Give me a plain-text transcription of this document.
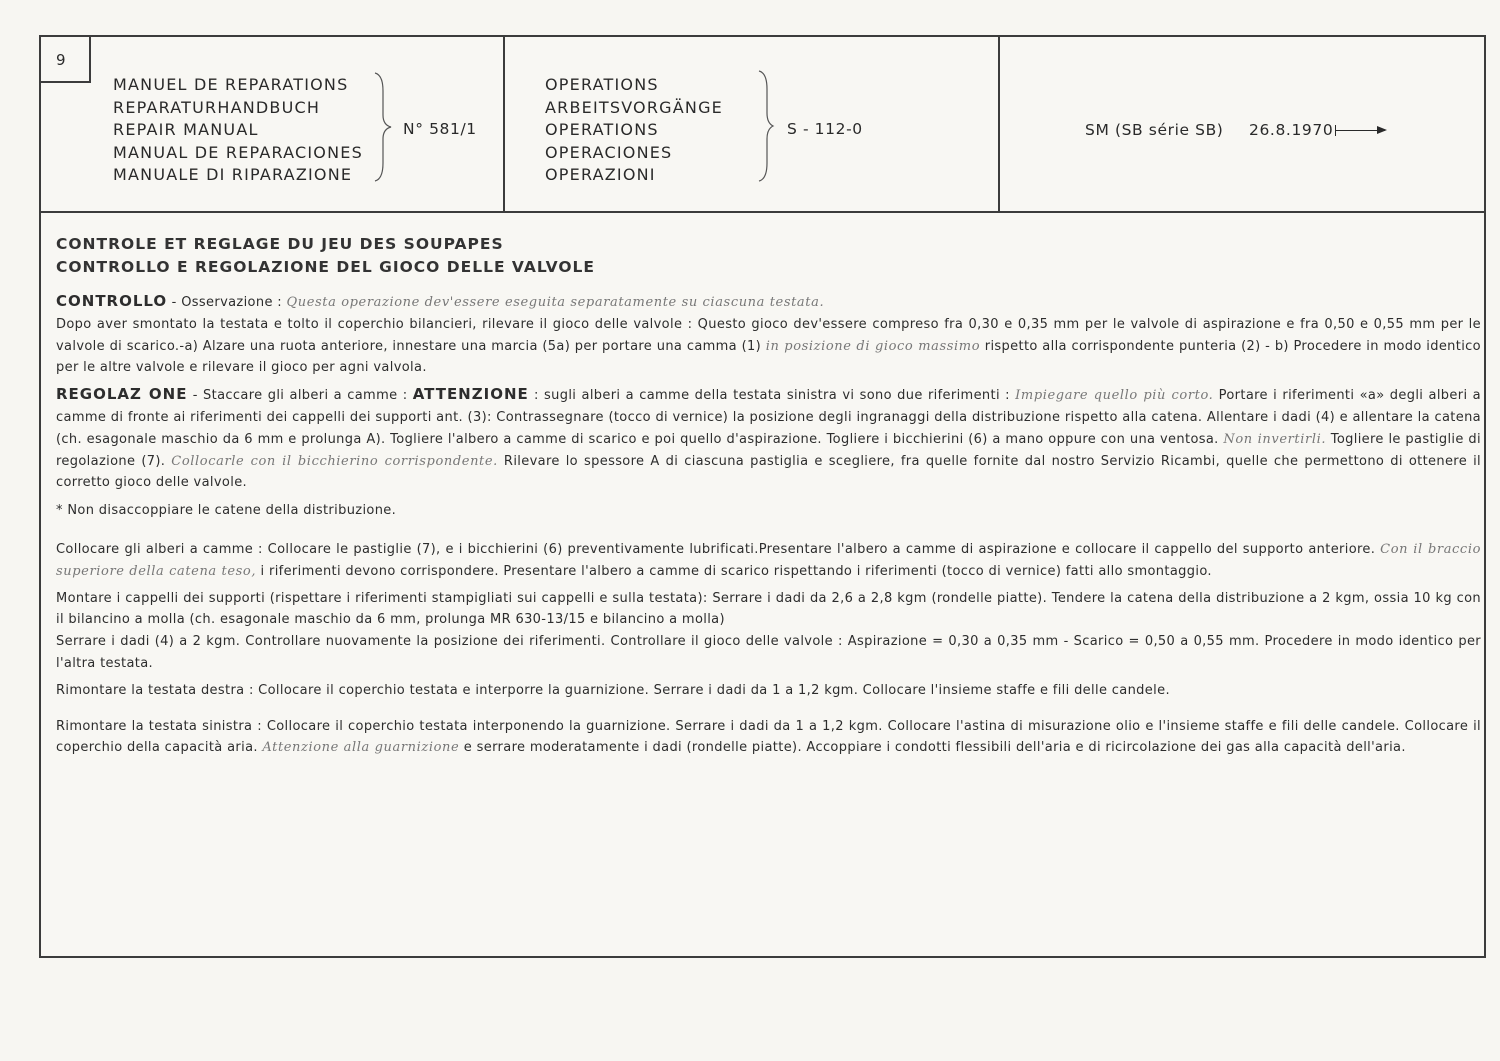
9
MANUEL DE REPARATIONS
REPARATURHANDBUCH
REPAIR MANUAL
MANUAL DE REPARACIONES
MANUALE DI RIPARAZIONE
N° 581/1
OPERATIONS
ARBEITSVORGÄNGE
OPERATIONS
OPERACIONES
OPERAZIONI
S - 112-0	SM (SB série SB) 26.8.1970
CONTROLE ET REGLAGE DU JEU DES SOUPAPES
CONTROLLO E REGOLAZIONE DEL GIOCO DELLE VALVOLE

CONTROLLO - Osservazione : Questa operazione dev'essere eseguita separatamente su ciascuna testata.
Dopo aver smontato la testata e tolto il coperchio bilancieri, rilevare il gioco delle valvole : Questo gioco dev'essere compreso fra 0,30 e 0,35 mm per le valvole di aspirazione e fra 0,50 e 0,55 mm per le valvole di scarico.-a) Alzare una ruota anteriore, innestare una marcia (5a) per portare una camma (1) in posizione di gioco massimo rispetto alla corrispondente punteria (2) - b) Procedere in modo identico per le altre valvole e rilevare il gioco per agni valvola.

REGOLAZ ONE - Staccare gli alberi a camme : ATTENZIONE : sugli alberi a camme della testata sinistra vi sono due riferimenti : Impiegare quello più corto. Portare i riferimenti «a» degli alberi a camme di fronte ai riferimenti dei cappelli dei supporti ant. (3): Contrassegnare (tocco di vernice) la posizione degli ingranaggi della distribuzione rispetto alla catena. Allentare i dadi (4) e allentare la catena (ch. esagonale maschio da 6 mm e prolunga A). Togliere l'albero a camme di scarico e poi quello d'aspirazione. Togliere i bicchierini (6) a mano oppure con una ventosa. Non invertirli. Togliere le pastiglie di regolazione (7). Collocarle con il bicchierino corrispondente. Rilevare lo spessore A di ciascuna pastiglia e scegliere, fra quelle fornite dal nostro Servizio Ricambi, quelle che permettono di ottenere il corretto gioco delle valvole.

* Non disaccoppiare le catene della distribuzione.

Collocare gli alberi a camme : Collocare le pastiglie (7), e i bicchierini (6) preventivamente lubrificati.Presentare l'albero a camme di aspirazione e collocare il cappello del supporto anteriore. Con il braccio superiore della catena teso, i riferimenti devono corrispondere. Presentare l'albero a camme di scarico rispettando i riferimenti (tocco di vernice) fatti allo smontaggio.

Montare i cappelli dei supporti (rispettare i riferimenti stampigliati sui cappelli e sulla testata): Serrare i dadi da 2,6 a 2,8 kgm (rondelle piatte). Tendere la catena della distribuzione a 2 kgm, ossia 10 kg con il bilancino a molla (ch. esagonale maschio da 6 mm, prolunga MR 630-13/15 e bilancino a molla)

Serrare i dadi (4) a 2 kgm. Controllare nuovamente la posizione dei riferimenti. Controllare il gioco delle valvole : Aspirazione = 0,30 a 0,35 mm - Scarico = 0,50 a 0,55 mm. Procedere in modo identico per l'altra testata.

Rimontare la testata destra : Collocare il coperchio testata e interporre la guarnizione. Serrare i dadi da 1 a 1,2 kgm. Collocare l'insieme staffe e fili delle candele.

Rimontare la testata sinistra : Collocare il coperchio testata interponendo la guarnizione. Serrare i dadi da 1 a 1,2 kgm. Collocare l'astina di misurazione olio e l'insieme staffe e fili delle candele. Collocare il coperchio della capacità aria. Attenzione alla guarnizione e serrare moderatamente i dadi (rondelle piatte). Accoppiare i condotti flessibili dell'aria e di ricircolazione dei gas alla capacità dell'aria.
